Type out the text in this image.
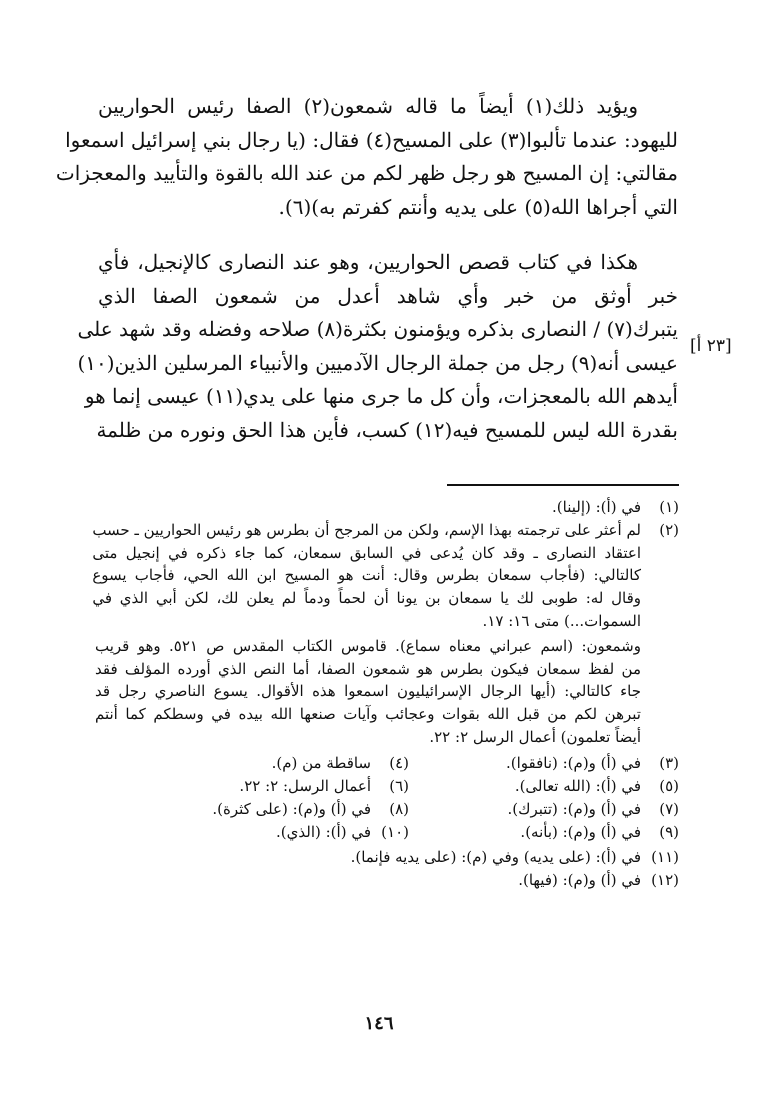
ويؤيد ذلك(١) أيضاً ما قاله شمعون(٢) الصفا رئيس الحواريين
لليهود: عندما تألبوا(٣) على المسيح(٤) فقال: (يا رجال بني إسرائيل اسمعوا
مقالتي: إن المسيح هو رجل ظهر لكم من عند الله بالقوة والتأييد والمعجزات
التي أجراها الله(٥) على يديه وأنتم كفرتم به)(٦).
هكذا في كتاب قصص الحواريين، وهو عند النصارى كالإنجيل، فأي
خبر أوثق من خبر وأي شاهد أعدل من شمعون الصفا الذي
يتبرك(٧) / النصارى بذكره ويؤمنون بكثرة(٨) صلاحه وفضله وقد شهد على
عيسى أنه(٩) رجل من جملة الرجال الآدميين والأنبياء المرسلين الذين(١٠)
أيدهم الله بالمعجزات، وأن كل ما جرى منها على يدي(١١) عيسى إنما هو
بقدرة الله ليس للمسيح فيه(١٢) كسب، فأين هذا الحق ونوره من ظلمة
[٢٣ أ]
(١)
في (أ): (إلينا).
(٢)
لم أعثر على ترجمته بهذا الإسم، ولكن من المرجح أن بطرس هو رئيس الحواريين ـ حسب
اعتقاد النصارى ـ وقد كان يُدعى في السابق سمعان، كما جاء ذكره في إنجيل متى
كالتالي: (فأجاب سمعان بطرس وقال: أنت هو المسيح ابن الله الحي، فأجاب يسوع
وقال له: طوبى لك يا سمعان بن يونا أن لحماً ودماً لم يعلن لك، لكن أبي الذي في
السموات...) متى ١٦: ١٧.
وشمعون: (اسم عبراني معناه سماع). قاموس الكتاب المقدس ص ٥٢١. وهو قريب
من لفظ سمعان فيكون بطرس هو شمعون الصفا، أما النص الذي أورده المؤلف فقد
جاء كالتالي: (أيها الرجال الإسرائيليون اسمعوا هذه الأقوال. يسوع الناصري رجل قد
تبرهن لكم من قبل الله بقوات وعجائب وآيات صنعها الله بيده في وسطكم كما أنتم
أيضاً تعلمون) أعمال الرسل ٢: ٢٢.
(٣)
في (أ) و(م): (نافقوا).
(٤)
ساقطة من (م).
(٥)
في (أ): (الله تعالى).
(٦)
أعمال الرسل: ٢: ٢٢.
(٧)
في (أ) و(م): (تتبرك).
(٨)
في (أ) و(م): (على كثرة).
(٩)
في (أ) و(م): (بأنه).
(١٠)
في (أ): (الذي).
(١١)
في (أ): (على يديه) وفي (م): (على يديه فإنما).
(١٢)
في (أ) و(م): (فيها).
١٤٦
